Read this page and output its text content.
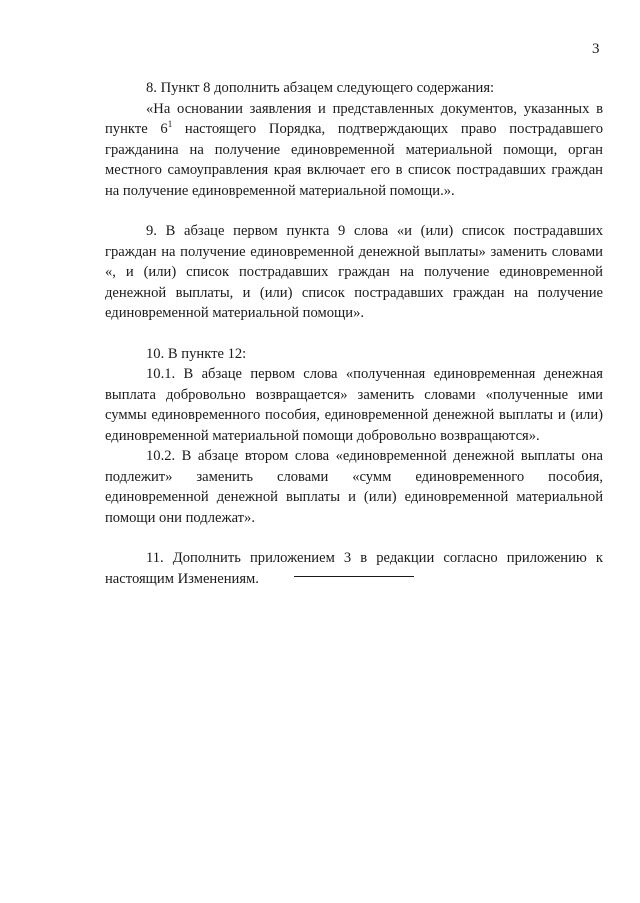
3

8. Пункт 8 дополнить абзацем следующего содержания:

«На основании заявления и представленных документов, указанных в пункте $6^1$ настоящего Порядка, подтверждающих право пострадавшего гражданина на получение единовременной материальной помощи, орган местного самоуправления края включает его в список пострадавших граждан на получение единовременной материальной помощи.».

9. В абзаце первом пункта 9 слова «и (или) список пострадавших граждан на получение единовременной денежной выплаты» заменить словами «, и (или) список пострадавших граждан на получение единовременной денежной выплаты, и (или) список пострадавших граждан на получение единовременной материальной помощи».

10. В пункте 12:

10.1. В абзаце первом слова «полученная единовременная денежная выплата добровольно возвращается» заменить словами «полученные ими суммы единовременного пособия, единовременной денежной выплаты и (или) единовременной материальной помощи добровольно возвращаются».

10.2. В абзаце втором слова «единовременной денежной выплаты она подлежит» заменить словами «сумм единовременного пособия, единовременной денежной выплаты и (или) единовременной материальной помощи они подлежат».

11. Дополнить приложением 3 в редакции согласно приложению к настоящим Изменениям.
